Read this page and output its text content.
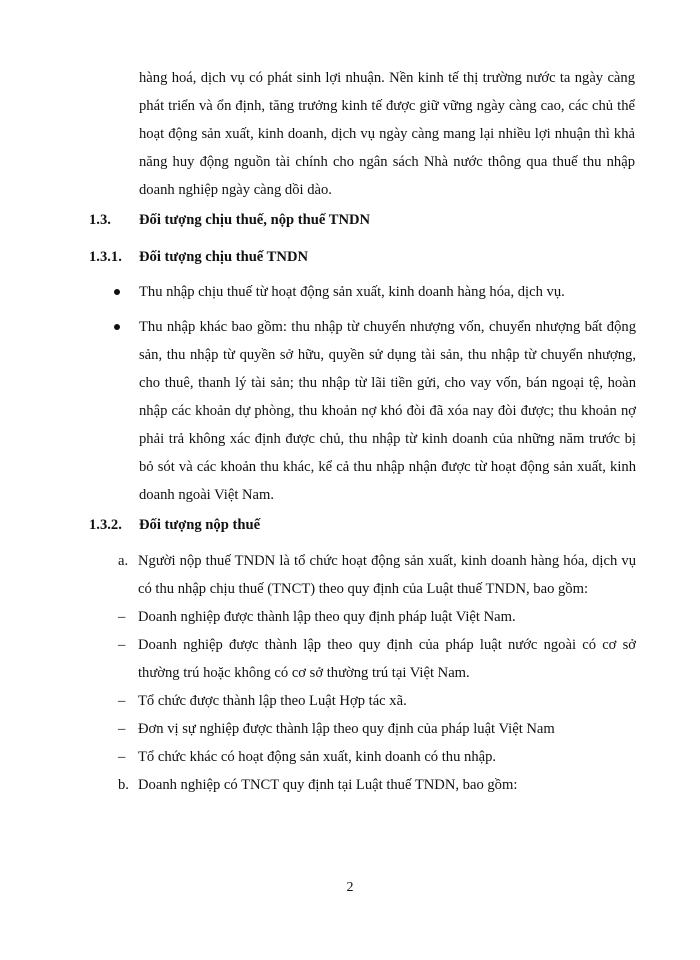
hàng hoá, dịch vụ có phát sinh lợi nhuận. Nền kinh tế thị trường nước ta ngày càng phát triển và ổn định, tăng trưởng kinh tế được giữ vững ngày càng cao, các chủ thể hoạt động sản xuất, kinh doanh, dịch vụ ngày càng mang lại nhiều lợi nhuận thì khả năng huy động nguồn tài chính cho ngân sách Nhà nước thông qua thuế thu nhập doanh nghiệp ngày càng dồi dào.

1.3. Đối tượng chịu thuế, nộp thuế TNDN
1.3.1. Đối tượng chịu thuế TNDN
Thu nhập chịu thuế từ hoạt động sản xuất, kinh doanh hàng hóa, dịch vụ.
Thu nhập khác bao gồm: thu nhập từ chuyển nhượng vốn, chuyển nhượng bất động sản, thu nhập từ quyền sở hữu, quyền sử dụng tài sản, thu nhập từ chuyển nhượng, cho thuê, thanh lý tài sản; thu nhập từ lãi tiền gửi, cho vay vốn, bán ngoại tệ, hoàn nhập các khoản dự phòng, thu khoản nợ khó đòi đã xóa nay đòi được; thu khoản nợ phải trả không xác định được chủ, thu nhập từ kinh doanh của những năm trước bị bỏ sót và các khoản thu khác, kể cả thu nhập nhận được từ hoạt động sản xuất, kinh doanh ngoài Việt Nam.
1.3.2. Đối tượng nộp thuế
a. Người nộp thuế TNDN là tổ chức hoạt động sản xuất, kinh doanh hàng hóa, dịch vụ có thu nhập chịu thuế (TNCT) theo quy định của Luật thuế TNDN, bao gồm:
– Doanh nghiệp được thành lập theo quy định pháp luật Việt Nam.
– Doanh nghiệp được thành lập theo quy định của pháp luật nước ngoài có cơ sở thường trú hoặc không có cơ sở thường trú tại Việt Nam.
– Tổ chức được thành lập theo Luật Hợp tác xã.
– Đơn vị sự nghiệp được thành lập theo quy định của pháp luật Việt Nam
– Tổ chức khác có hoạt động sản xuất, kinh doanh có thu nhập.
b. Doanh nghiệp có TNCT quy định tại Luật thuế TNDN, bao gồm:
2
